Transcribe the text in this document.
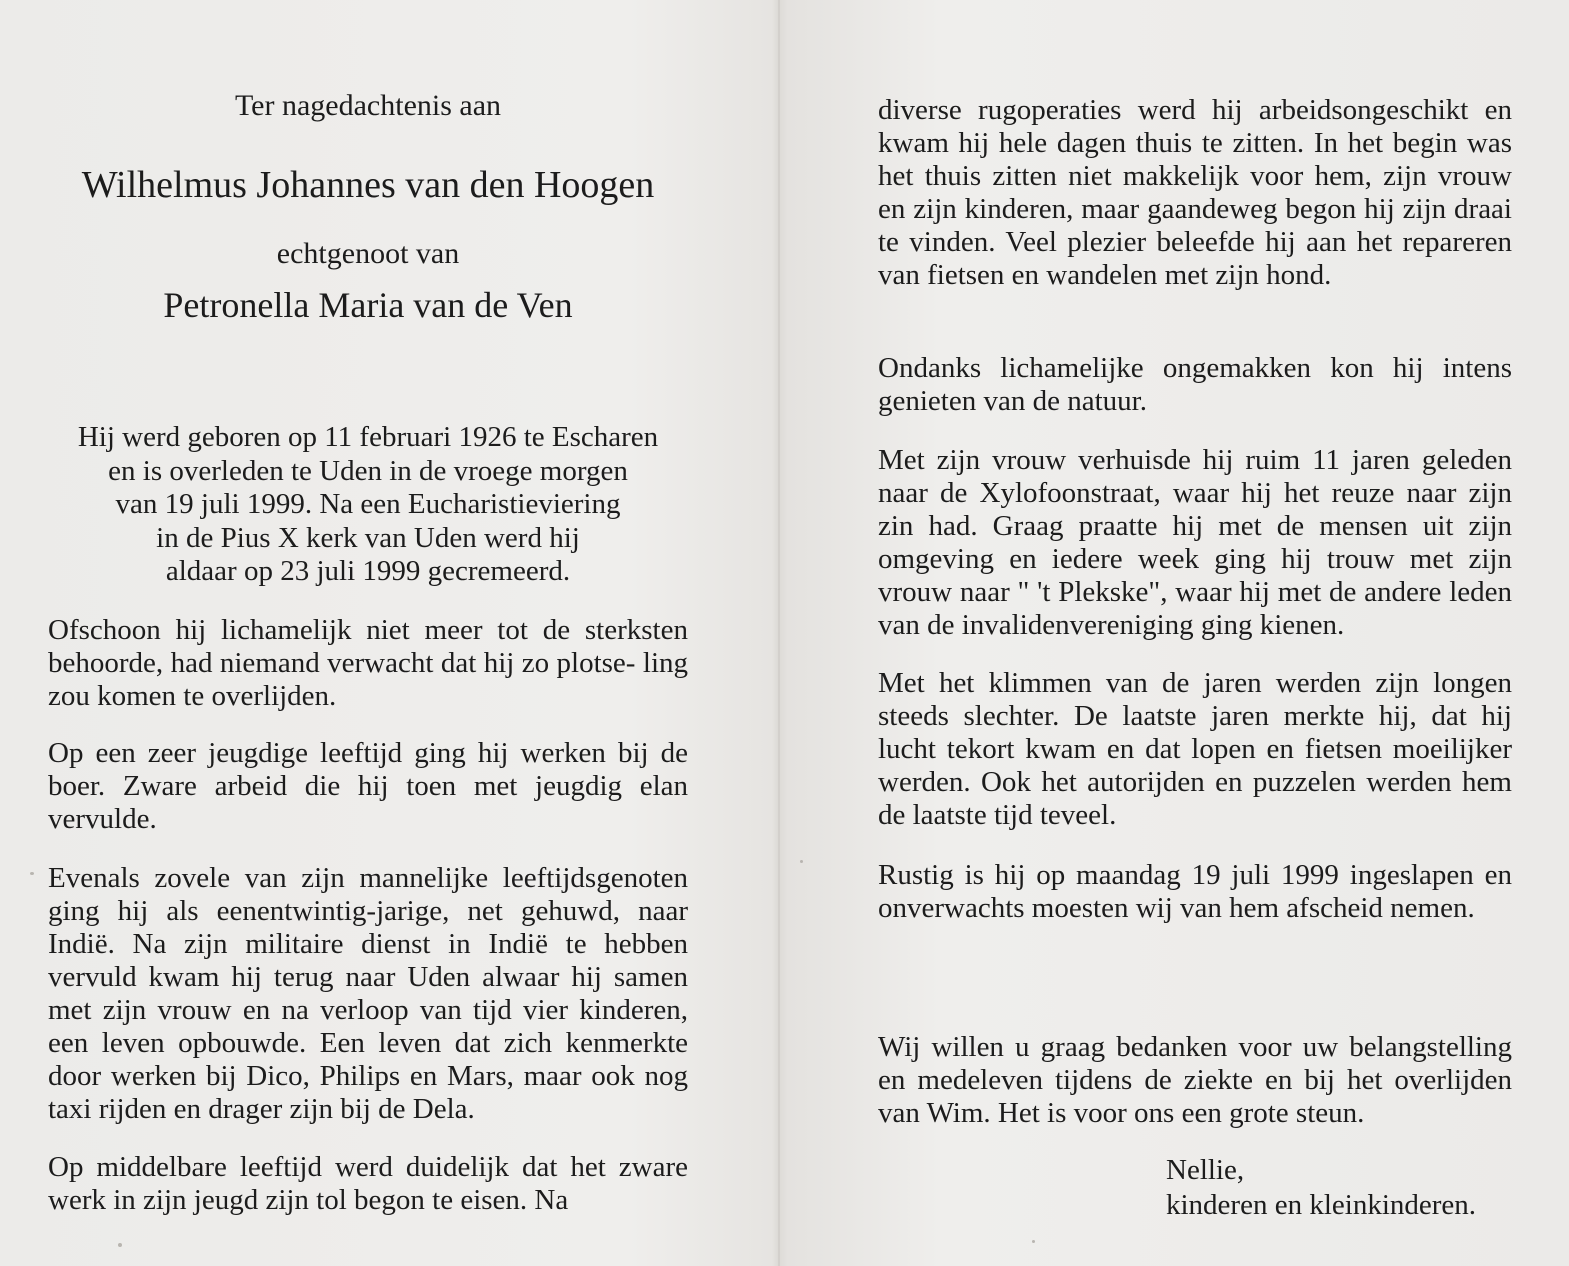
Ter nagedachtenis aan
Wilhelmus Johannes van den Hoogen
echtgenoot van
Petronella Maria van de Ven
Hij werd geboren op 11 februari 1926 te Escharen
en is overleden te Uden in de vroege morgen
van 19 juli 1999. Na een Eucharistieviering
in de Pius X kerk van Uden werd hij
aldaar op 23 juli 1999 gecremeerd.
Ofschoon hij lichamelijk niet meer tot de sterksten behoorde, had niemand verwacht dat hij zo plotse- ling zou komen te overlijden.
Op een zeer jeugdige leeftijd ging hij werken bij de boer. Zware arbeid die hij toen met jeugdig elan vervulde.
Evenals zovele van zijn mannelijke leeftijdsgenoten ging hij als eenentwintig-jarige, net gehuwd, naar Indië. Na zijn militaire dienst in Indië te hebben vervuld kwam hij terug naar Uden alwaar hij samen met zijn vrouw en na verloop van tijd vier kinderen, een leven opbouwde. Een leven dat zich kenmerkte door werken bij Dico, Philips en Mars, maar ook nog taxi rijden en drager zijn bij de Dela.
Op middelbare leeftijd werd duidelijk dat het zware werk in zijn jeugd zijn tol begon te eisen. Na
diverse rugoperaties werd hij arbeidsongeschikt en kwam hij hele dagen thuis te zitten. In het begin was het thuis zitten niet makkelijk voor hem, zijn vrouw en zijn kinderen, maar gaandeweg begon hij zijn draai te vinden. Veel plezier beleefde hij aan het repareren van fietsen en wandelen met zijn hond.
Ondanks lichamelijke ongemakken kon hij intens genieten van de natuur.
Met zijn vrouw verhuisde hij ruim 11 jaren geleden naar de Xylofoonstraat, waar hij het reuze naar zijn zin had. Graag praatte hij met de mensen uit zijn omgeving en iedere week ging hij trouw met zijn vrouw naar " 't Plekske", waar hij met de andere leden van de invalidenvereniging ging kienen.
Met het klimmen van de jaren werden zijn longen steeds slechter. De laatste jaren merkte hij, dat hij lucht tekort kwam en dat lopen en fietsen moeilijker werden. Ook het autorijden en puzzelen werden hem de laatste tijd teveel.
Rustig is hij op maandag 19 juli 1999 ingeslapen en onverwachts moesten wij van hem afscheid nemen.
Wij willen u graag bedanken voor uw belangstelling en medeleven tijdens de ziekte en bij het overlijden van Wim. Het is voor ons een grote steun.
Nellie,
kinderen en kleinkinderen.
